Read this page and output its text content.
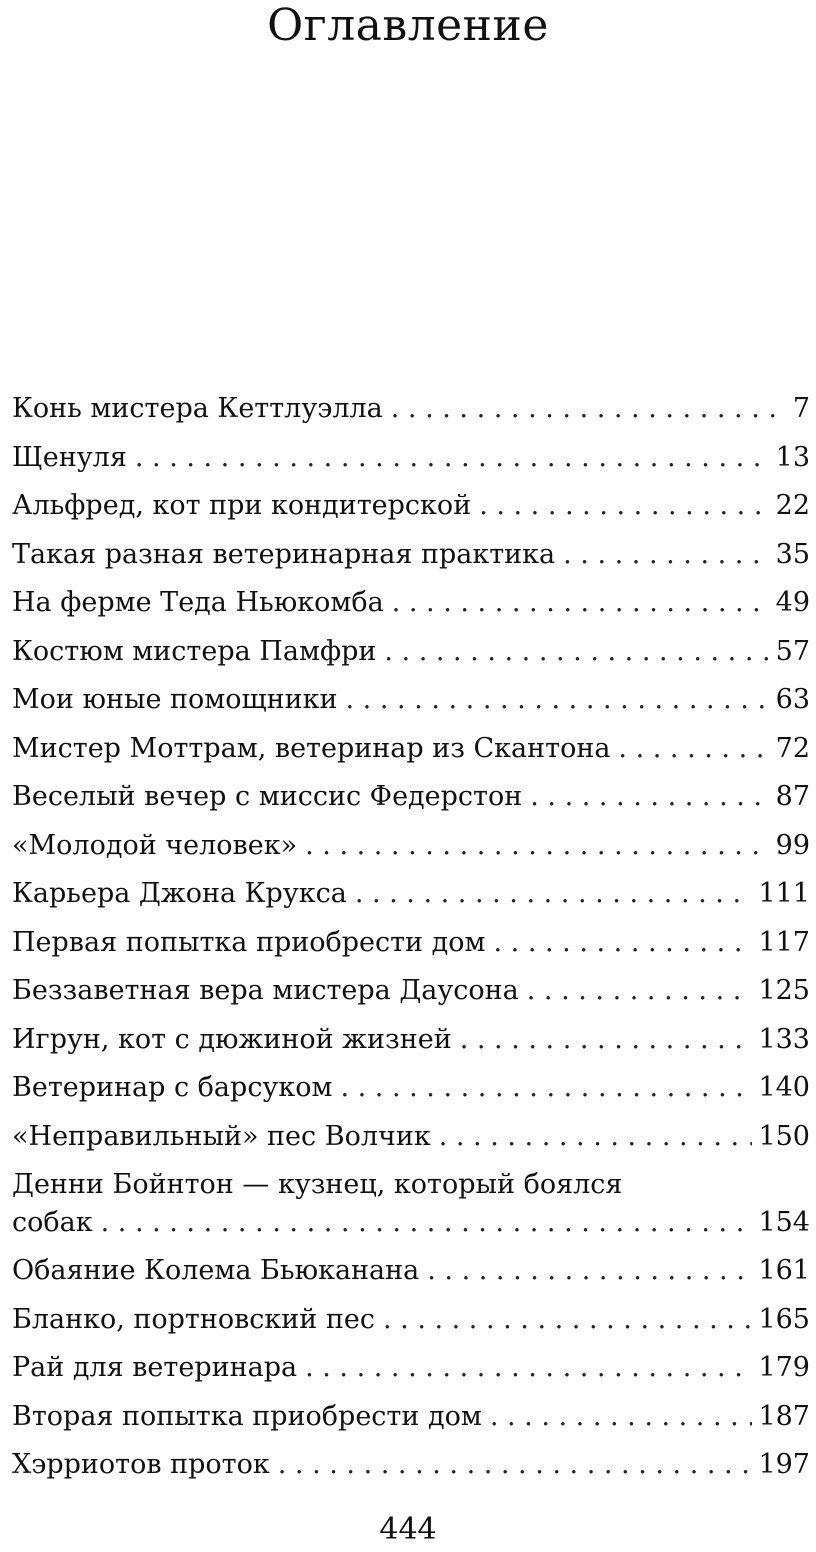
Оглавление
Конь мистера Кеттлуэлла . . .	7
Щенуля . . .	13
Альфред, кот при кондитерской . . .	22
Такая разная ветеринарная практика . . .	35
На ферме Теда Ньюкомба . . .	49
Костюм мистера Памфри . . .	57
Мои юные помощники . . .	63
Мистер Моттрам, ветеринар из Скантона . . .	72
Веселый вечер с миссис Федерстон . . .	87
«Молодой человек» . . .	99
Карьера Джона Крукса . . .	111
Первая попытка приобрести дом . . .	117
Беззаветная вера мистера Даусона . . .	125
Игрун, кот с дюжиной жизней . . .	133
Ветеринар с барсуком . . .	140
«Неправильный» пес Волчик . . .	150
Денни Бойнтон — кузнец, который боялся
собак . . .	154
Обаяние Колема Бьюканана . . .	161
Бланко, портновский пес . . .	165
Рай для ветеринара . . .	179
Вторая попытка приобрести дом . . .	187
Хэрриотов проток . . .	197
444
